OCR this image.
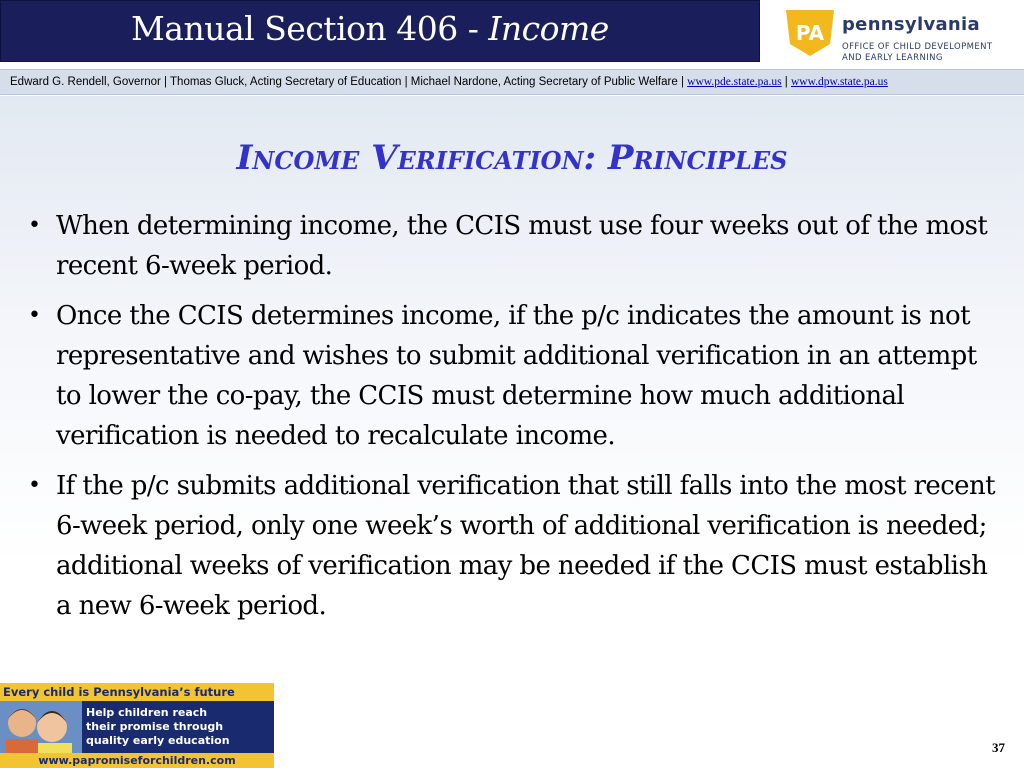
Manual Section 406 - Income	PA pennsylvania
OFFICE OF CHILD DEVELOPMENT
AND EARLY LEARNING
Edward G. Rendell, Governor | Thomas Gluck, Acting Secretary of Education | Michael Nardone, Acting Secretary of Public Welfare | www.pde.state.pa.us | www.dpw.state.pa.us
Income Verification: Principles
• When determining income, the CCIS must use four weeks out of the most recent 6-week period.
• Once the CCIS determines income, if the p/c indicates the amount is not representative and wishes to submit additional verification in an attempt to lower the co-pay, the CCIS must determine how much additional verification is needed to recalculate income.
• If the p/c submits additional verification that still falls into the most recent 6-week period, only one week’s worth of additional verification is needed; additional weeks of verification may be needed if the CCIS must establish a new 6-week period.
Every child is Pennsylvania’s future
Help children reach
their promise through
quality early education
www.papromiseforchildren.com
37
